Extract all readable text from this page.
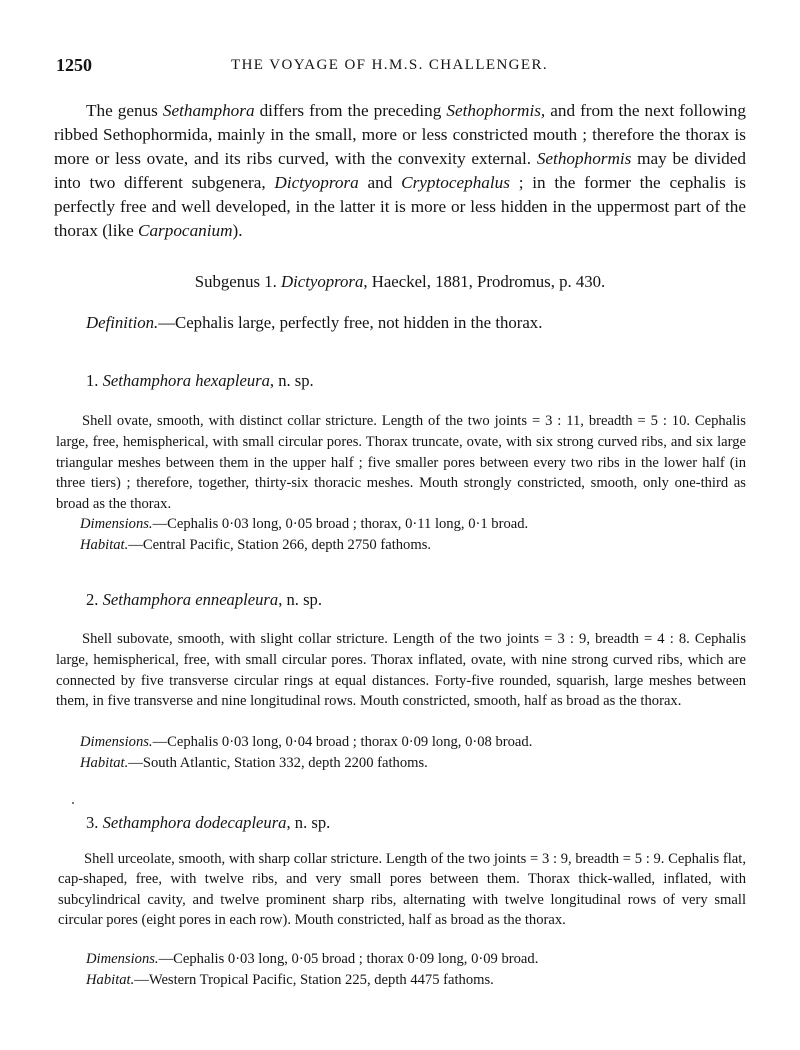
1250	THE VOYAGE OF H.M.S. CHALLENGER.

The genus Sethamphora differs from the preceding Sethophormis, and from the next following ribbed Sethophormida, mainly in the small, more or less constricted mouth ; therefore the thorax is more or less ovate, and its ribs curved, with the convexity external. Sethophormis may be divided into two different subgenera, Dictyoprora and Cryptocephalus ; in the former the cephalis is perfectly free and well developed, in the latter it is more or less hidden in the uppermost part of the thorax (like Carpocanium).

Subgenus 1. Dictyoprora, Haeckel, 1881, Prodromus, p. 430.

Definition.—Cephalis large, perfectly free, not hidden in the thorax.

1. Sethamphora hexapleura, n. sp.

Shell ovate, smooth, with distinct collar stricture. Length of the two joints = 3 : 11, breadth = 5 : 10. Cephalis large, free, hemispherical, with small circular pores. Thorax truncate, ovate, with six strong curved ribs, and six large triangular meshes between them in the upper half ; five smaller pores between every two ribs in the lower half (in three tiers) ; therefore, together, thirty-six thoracic meshes. Mouth strongly constricted, smooth, only one-third as broad as the thorax.

Dimensions.—Cephalis 0·03 long, 0·05 broad ; thorax, 0·11 long, 0·1 broad.

Habitat.—Central Pacific, Station 266, depth 2750 fathoms.

2. Sethamphora enneapleura, n. sp.

Shell subovate, smooth, with slight collar stricture. Length of the two joints = 3 : 9, breadth = 4 : 8. Cephalis large, hemispherical, free, with small circular pores. Thorax inflated, ovate, with nine strong curved ribs, which are connected by five transverse circular rings at equal distances. Forty-five rounded, squarish, large meshes between them, in five transverse and nine longitudinal rows. Mouth constricted, smooth, half as broad as the thorax.

Dimensions.—Cephalis 0·03 long, 0·04 broad ; thorax 0·09 long, 0·08 broad.

Habitat.—South Atlantic, Station 332, depth 2200 fathoms.

3. Sethamphora dodecapleura, n. sp.

Shell urceolate, smooth, with sharp collar stricture. Length of the two joints = 3 : 9, breadth = 5 : 9. Cephalis flat, cap-shaped, free, with twelve ribs, and very small pores between them. Thorax thick-walled, inflated, with subcylindrical cavity, and twelve prominent sharp ribs, alternating with twelve longitudinal rows of very small circular pores (eight pores in each row). Mouth constricted, half as broad as the thorax.

Dimensions.—Cephalis 0·03 long, 0·05 broad ; thorax 0·09 long, 0·09 broad.

Habitat.—Western Tropical Pacific, Station 225, depth 4475 fathoms.
